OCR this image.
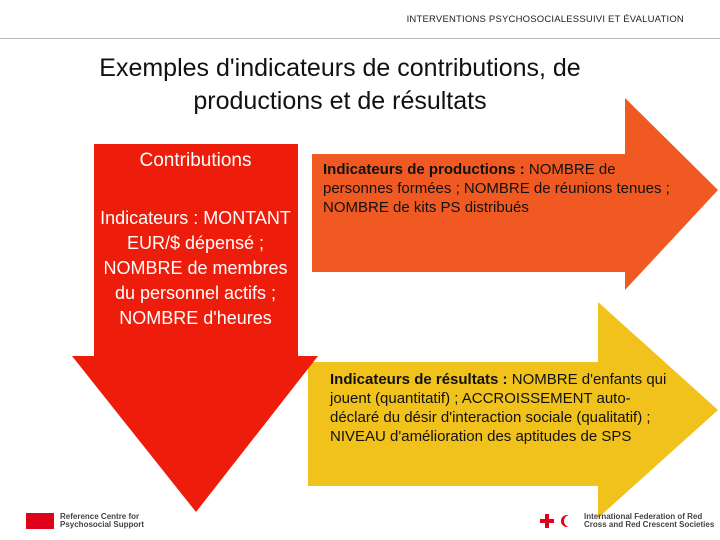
INTERVENTIONS PSYCHOSOCIALESSUIVI ET ÉVALUATION
Exemples d'indicateurs de contributions, de
productions et de résultats
Contributions
Indicateurs : MONTANT EUR/$ dépensé ; NOMBRE de membres du personnel actifs ; NOMBRE d'heures
Indicateurs de productions : NOMBRE de personnes formées ; NOMBRE de réunions tenues ; NOMBRE de kits PS distribués
Indicateurs de résultats : NOMBRE d'enfants qui jouent (quantitatif) ; ACCROISSEMENT auto-déclaré du désir d'interaction sociale (qualitatif) ; NIVEAU d'amélioration des aptitudes de SPS
Reference Centre for Psychosocial Support
International Federation of Red Cross and Red Crescent Societies
